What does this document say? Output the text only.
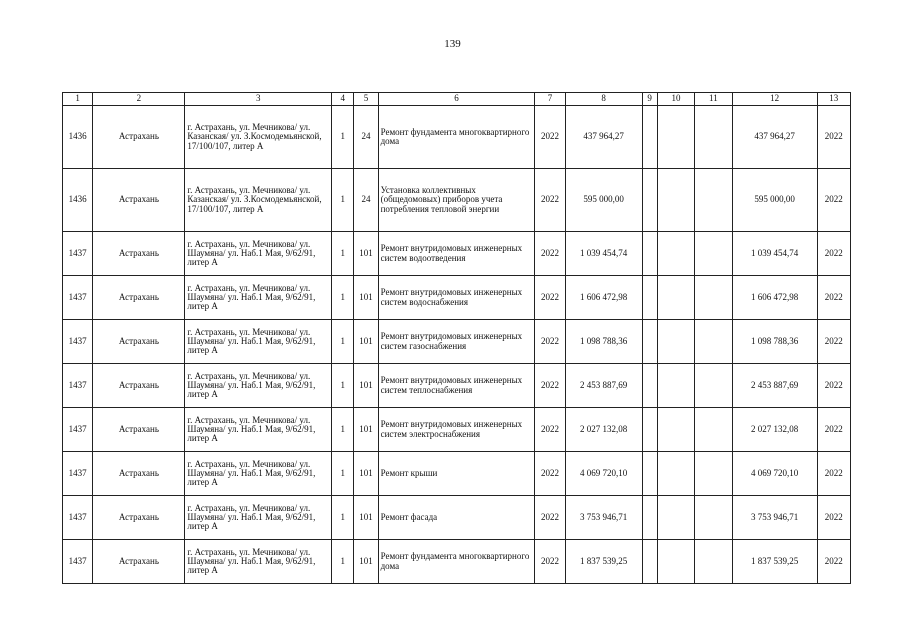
139
1	2	3	4	5	6	7	8	9	10	11	12	13
1436	Астрахань	г. Астрахань, ул. Мечникова/ ул. Казанская/ ул. З.Космодемьянской, 17/100/107, литер А	1	24	Ремонт фундамента многоквартирного дома	2022	437 964,27				437 964,27	2022
1436	Астрахань	г. Астрахань, ул. Мечникова/ ул. Казанская/ ул. З.Космодемьянской, 17/100/107, литер А	1	24	Установка коллективных (общедомовых) приборов учета потребления тепловой энергии	2022	595 000,00				595 000,00	2022
1437	Астрахань	г. Астрахань, ул. Мечникова/ ул. Шаумяна/ ул. Наб.1 Мая, 9/62/91, литер А	1	101	Ремонт внутридомовых инженерных систем водоотведения	2022	1 039 454,74				1 039 454,74	2022
1437	Астрахань	г. Астрахань, ул. Мечникова/ ул. Шаумяна/ ул. Наб.1 Мая, 9/62/91, литер А	1	101	Ремонт внутридомовых инженерных систем водоснабжения	2022	1 606 472,98				1 606 472,98	2022
1437	Астрахань	г. Астрахань, ул. Мечникова/ ул. Шаумяна/ ул. Наб.1 Мая, 9/62/91, литер А	1	101	Ремонт внутридомовых инженерных систем газоснабжения	2022	1 098 788,36				1 098 788,36	2022
1437	Астрахань	г. Астрахань, ул. Мечникова/ ул. Шаумяна/ ул. Наб.1 Мая, 9/62/91, литер А	1	101	Ремонт внутридомовых инженерных систем теплоснабжения	2022	2 453 887,69				2 453 887,69	2022
1437	Астрахань	г. Астрахань, ул. Мечникова/ ул. Шаумяна/ ул. Наб.1 Мая, 9/62/91, литер А	1	101	Ремонт внутридомовых инженерных систем электроснабжения	2022	2 027 132,08				2 027 132,08	2022
1437	Астрахань	г. Астрахань, ул. Мечникова/ ул. Шаумяна/ ул. Наб.1 Мая, 9/62/91, литер А	1	101	Ремонт крыши	2022	4 069 720,10				4 069 720,10	2022
1437	Астрахань	г. Астрахань, ул. Мечникова/ ул. Шаумяна/ ул. Наб.1 Мая, 9/62/91, литер А	1	101	Ремонт фасада	2022	3 753 946,71				3 753 946,71	2022
1437	Астрахань	г. Астрахань, ул. Мечникова/ ул. Шаумяна/ ул. Наб.1 Мая, 9/62/91, литер А	1	101	Ремонт фундамента многоквартирного дома	2022	1 837 539,25				1 837 539,25	2022
